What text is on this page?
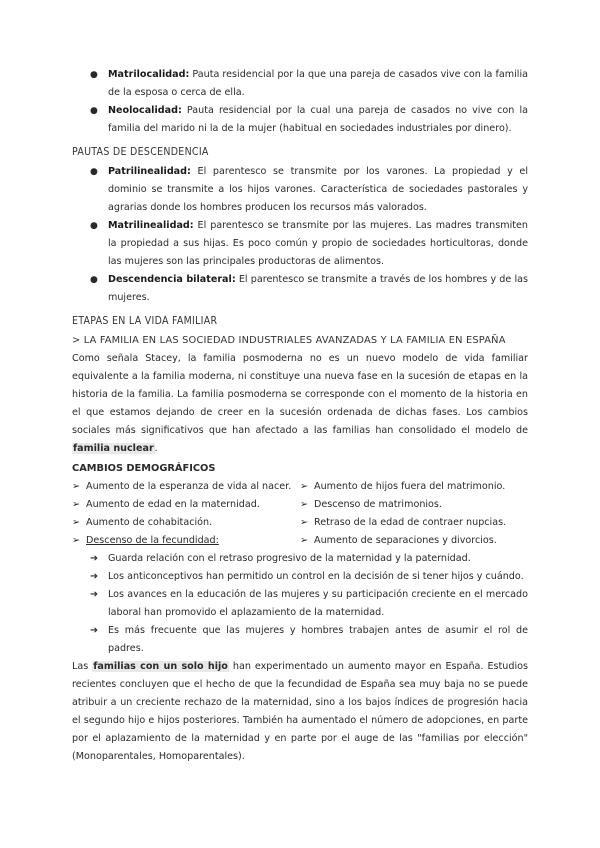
● Matrilocalidad: Pauta residencial por la que una pareja de casados vive con la familia de la esposa o cerca de ella.
● Neolocalidad: Pauta residencial por la cual una pareja de casados no vive con la familia del marido ni la de la mujer (habitual en sociedades industriales por dinero).
PAUTAS DE DESCENDENCIA
● Patrilinealidad: El parentesco se transmite por los varones. La propiedad y el dominio se transmite a los hijos varones. Característica de sociedades pastorales y agrarias donde los hombres producen los recursos más valorados.
● Matrilinealidad: El parentesco se transmite por las mujeres. Las madres transmiten la propiedad a sus hijas. Es poco común y propio de sociedades horticultoras, donde las mujeres son las principales productoras de alimentos.
● Descendencia bilateral: El parentesco se transmite a través de los hombres y de las mujeres.
ETAPAS EN LA VIDA FAMILIAR
> LA FAMILIA EN LAS SOCIEDAD INDUSTRIALES AVANZADAS Y LA FAMILIA EN ESPAÑA
Como señala Stacey, la familia posmoderna no es un nuevo modelo de vida familiar equivalente a la familia moderna, ni constituye una nueva fase en la sucesión de etapas en la historia de la familia. La familia posmoderna se corresponde con el momento de la historia en el que estamos dejando de creer en la sucesión ordenada de dichas fases. Los cambios sociales más significativos que han afectado a las familias han consolidado el modelo de familia nuclear.
CAMBIOS DEMOGRÁFICOS
➢ Aumento de la esperanza de vida al nacer.
➢ Aumento de edad en la maternidad.
➢ Aumento de cohabitación.
➢ Descenso de la fecundidad:
➢ Aumento de hijos fuera del matrimonio.
➢ Descenso de matrimonios.
➢ Retraso de la edad de contraer nupcias.
➢ Aumento de separaciones y divorcios.
➔ Guarda relación con el retraso progresivo de la maternidad y la paternidad.
➔ Los anticonceptivos han permitido un control en la decisión de si tener hijos y cuándo.
➔ Los avances en la educación de las mujeres y su participación creciente en el mercado laboral han promovido el aplazamiento de la maternidad.
➔ Es más frecuente que las mujeres y hombres trabajen antes de asumir el rol de padres.
Las familias con un solo hijo han experimentado un aumento mayor en España. Estudios recientes concluyen que el hecho de que la fecundidad de España sea muy baja no se puede atribuir a un creciente rechazo de la maternidad, sino a los bajos índices de progresión hacia el segundo hijo e hijos posteriores. También ha aumentado el número de adopciones, en parte por el aplazamiento de la maternidad y en parte por el auge de las "familias por elección" (Monoparentales, Homoparentales).
